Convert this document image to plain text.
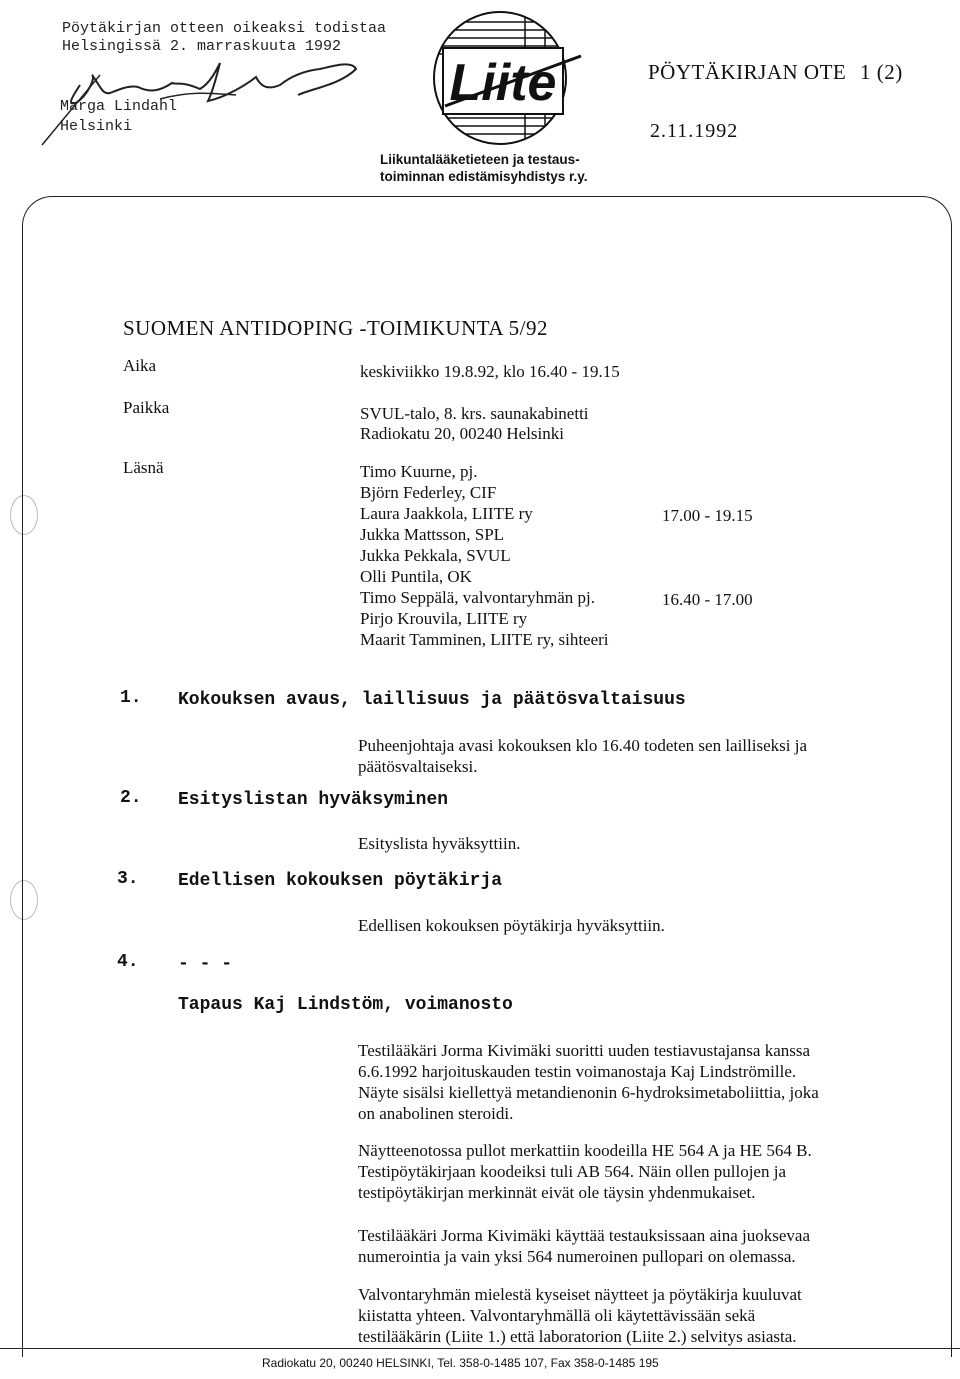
Pöytäkirjan otteen oikeaksi todistaa
Helsingissä 2. marraskuuta 1992
Marga Lindahl
Helsinki
Liite
Liikuntalääketieteen ja testaus-
toiminnan edistämisyhdistys r.y.
PÖYTÄKIRJAN OTE 1 (2)
2.11.1992
SUOMEN ANTIDOPING -TOIMIKUNTA 5/92
Aika	keskiviikko 19.8.92, klo 16.40 - 19.15
Paikka	SVUL-talo, 8. krs. saunakabinetti
Radiokatu 20, 00240 Helsinki
Läsnä	Timo Kuurne, pj.
Björn Federley, CIF
Laura Jaakkola, LIITE ry	17.00 - 19.15
Jukka Mattsson, SPL
Jukka Pekkala, SVUL
Olli Puntila, OK
Timo Seppälä, valvontaryhmän pj.	16.40 - 17.00
Pirjo Krouvila, LIITE ry
Maarit Tamminen, LIITE ry, sihteeri
1. Kokouksen avaus, laillisuus ja päätösvaltaisuus
Puheenjohtaja avasi kokouksen klo 16.40 todeten sen lailliseksi ja
päätösvaltaiseksi.
2. Esityslistan hyväksyminen
Esityslista hyväksyttiin.
3. Edellisen kokouksen pöytäkirja
Edellisen kokouksen pöytäkirja hyväksyttiin.
4. - - -
Tapaus Kaj Lindstöm, voimanosto
Testilääkäri Jorma Kivimäki suoritti uuden testiavustajansa kanssa
6.6.1992 harjoituskauden testin voimanostaja Kaj Lindströmille.
Näyte sisälsi kiellettyä metandienonin 6-hydroksimetaboliittia, joka
on anabolinen steroidi.
Näytteenotossa pullot merkattiin koodeilla HE 564 A ja HE 564 B.
Testipöytäkirjaan koodeiksi tuli AB 564. Näin ollen pullojen ja
testipöytäkirjan merkinnät eivät ole täysin yhdenmukaiset.
Testilääkäri Jorma Kivimäki käyttää testauksissaan aina juoksevaa
numerointia ja vain yksi 564 numeroinen pullopari on olemassa.
Valvontaryhmän mielestä kyseiset näytteet ja pöytäkirja kuuluvat
kiistatta yhteen. Valvontaryhmällä oli käytettävissään sekä
testilääkärin (Liite 1.) että laboratorion (Liite 2.) selvitys asiasta.
Radiokatu 20, 00240 HELSINKI, Tel. 358-0-1485 107, Fax 358-0-1485 195
